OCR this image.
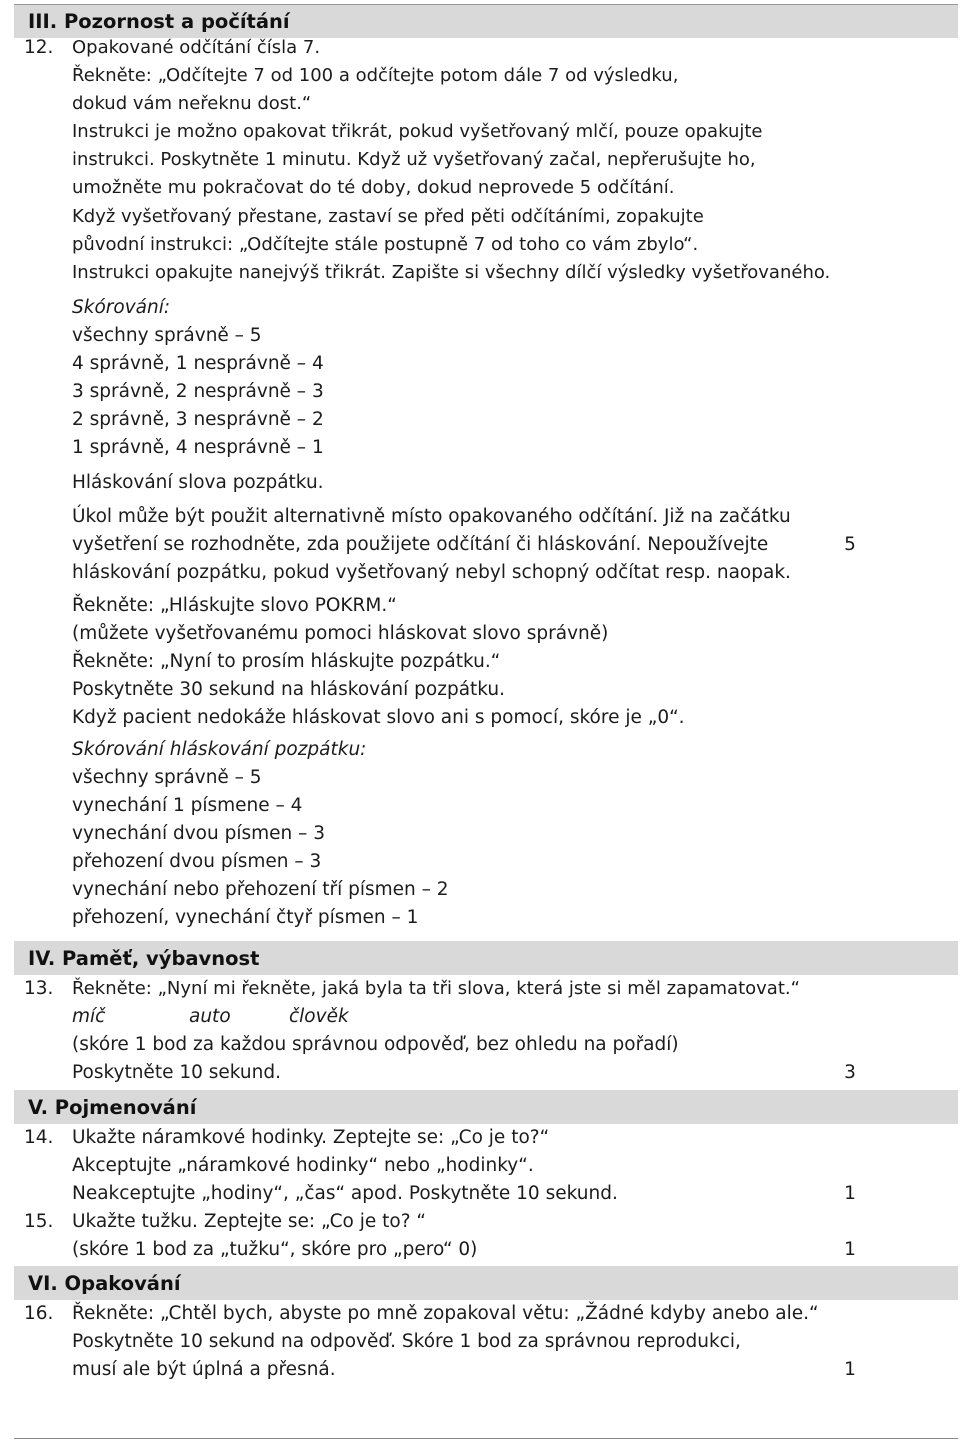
III. Pozornost a počítání
12.	Opakované odčítání čísla 7.
Řekněte: „Odčítejte 7 od 100 a odčítejte potom dále 7 od výsledku,
dokud vám neřeknu dost.“
Instrukci je možno opakovat třikrát, pokud vyšetřovaný mlčí, pouze opakujte
instrukci. Poskytněte 1 minutu. Když už vyšetřovaný začal, nepřerušujte ho,
umožněte mu pokračovat do té doby, dokud neprovede 5 odčítání.
Když vyšetřovaný přestane, zastaví se před pěti odčítáními, zopakujte
původní instrukci: „Odčítejte stále postupně 7 od toho co vám zbylo“.
Instrukci opakujte nanejvýš třikrát. Zapište si všechny dílčí výsledky vyšetřovaného.
Skórování:
všechny správně – 5
4 správně, 1 nesprávně – 4
3 správně, 2 nesprávně – 3
2 správně, 3 nesprávně – 2
1 správně, 4 nesprávně – 1
Hláskování slova pozpátku.
Úkol může být použit alternativně místo opakovaného odčítání. Již na začátku
vyšetření se rozhodněte, zda použijete odčítání či hláskování. Nepoužívejte	5
hláskování pozpátku, pokud vyšetřovaný nebyl schopný odčítat resp. naopak.
Řekněte: „Hláskujte slovo POKRM.“
(můžete vyšetřovanému pomoci hláskovat slovo správně)
Řekněte: „Nyní to prosím hláskujte pozpátku.“
Poskytněte 30 sekund na hláskování pozpátku.
Když pacient nedokáže hláskovat slovo ani s pomocí, skóre je „0“.
Skórování hláskování pozpátku:
všechny správně – 5
vynechání 1 písmene – 4
vynechání dvou písmen – 3
přehození dvou písmen – 3
vynechání nebo přehození tří písmen – 2
přehození, vynechání čtyř písmen – 1
IV. Paměť, výbavnost
13.	Řekněte: „Nyní mi řekněte, jaká byla ta tři slova, která jste si měl zapamatovat.“
míč	auto	člověk
(skóre 1 bod za každou správnou odpověď, bez ohledu na pořadí)
Poskytněte 10 sekund.	3
V. Pojmenování
14.	Ukažte náramkové hodinky. Zeptejte se: „Co je to?“
Akceptujte „náramkové hodinky“ nebo „hodinky“.
Neakceptujte „hodiny“, „čas“ apod. Poskytněte 10 sekund.	1
15.	Ukažte tužku. Zeptejte se: „Co je to? “
(skóre 1 bod za „tužku“, skóre pro „pero“ 0)	1
VI. Opakování
16.	Řekněte: „Chtěl bych, abyste po mně zopakoval větu: „Žádné kdyby anebo ale.“
Poskytněte 10 sekund na odpověď. Skóre 1 bod za správnou reprodukci,
musí ale být úplná a přesná.	1
